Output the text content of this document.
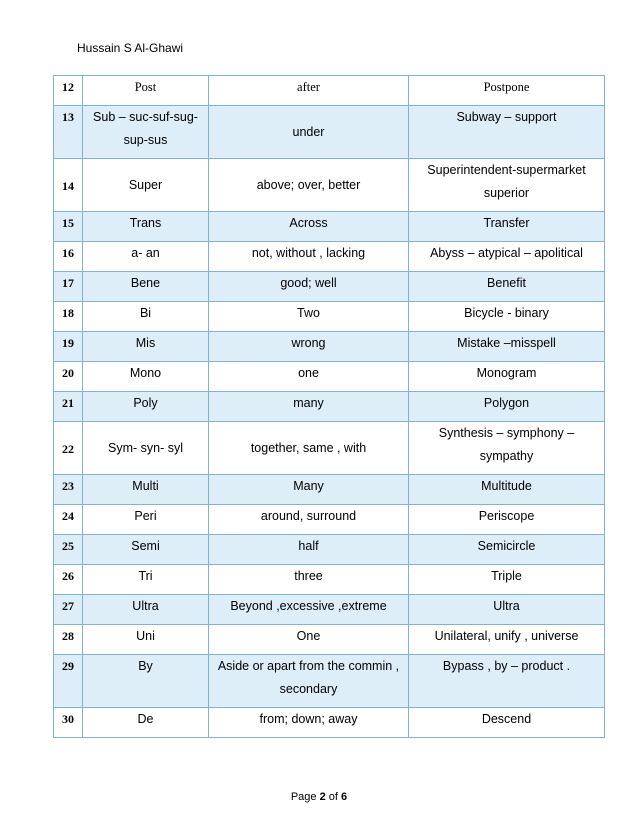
Hussain S Al-Ghawi
12	Post	after	Postpone
13	Sub – suc-suf-sug-sup-sus	under	Subway – support
14	Super	above; over, better	Superintendent-supermarket superior
15	Trans	Across	Transfer
16	a- an	not, without , lacking	Abyss – atypical – apolitical
17	Bene	good; well	Benefit
18	Bi	Two	Bicycle - binary
19	Mis	wrong	Mistake –misspell
20	Mono	one	Monogram
21	Poly	many	Polygon
22	Sym- syn- syl	together, same , with	Synthesis – symphony – sympathy
23	Multi	Many	Multitude
24	Peri	around, surround	Periscope
25	Semi	half	Semicircle
26	Tri	three	Triple
27	Ultra	Beyond ,excessive ,extreme	Ultra
28	Uni	One	Unilateral, unify , universe
29	By	Aside or apart from the commin , secondary	Bypass , by – product .
30	De	from; down; away	Descend
Page 2 of 6
